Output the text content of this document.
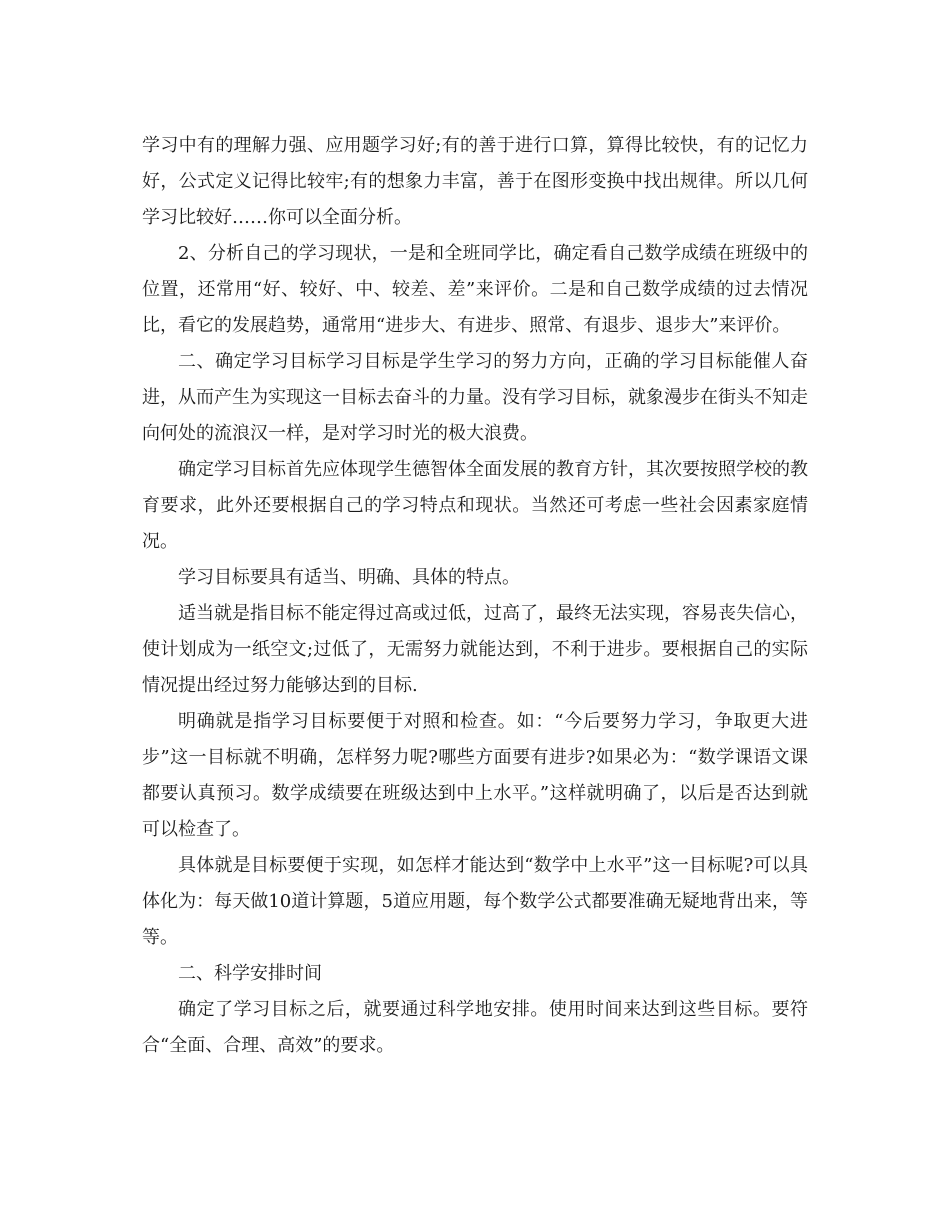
学习中有的理解力强、应用题学习好;有的善于进行口算，算得比较快，有的记忆力好，公式定义记得比较牢;有的想象力丰富，善于在图形变换中找出规律。所以几何学习比较好……你可以全面分析。

2、分析自己的学习现状，一是和全班同学比，确定看自己数学成绩在班级中的位置，还常用“好、较好、中、较差、差”来评价。二是和自己数学成绩的过去情况比，看它的发展趋势，通常用“进步大、有进步、照常、有退步、退步大”来评价。

二、确定学习目标学习目标是学生学习的努力方向，正确的学习目标能催人奋进，从而产生为实现这一目标去奋斗的力量。没有学习目标，就象漫步在街头不知走向何处的流浪汉一样，是对学习时光的极大浪费。

确定学习目标首先应体现学生德智体全面发展的教育方针，其次要按照学校的教育要求，此外还要根据自己的学习特点和现状。当然还可考虑一些社会因素家庭情况。

学习目标要具有适当、明确、具体的特点。

适当就是指目标不能定得过高或过低，过高了，最终无法实现，容易丧失信心，使计划成为一纸空文;过低了，无需努力就能达到，不利于进步。要根据自己的实际情况提出经过努力能够达到的目标.

明确就是指学习目标要便于对照和检查。如：“今后要努力学习，争取更大进步”这一目标就不明确，怎样努力呢?哪些方面要有进步?如果必为：“数学课语文课都要认真预习。数学成绩要在班级达到中上水平。”这样就明确了，以后是否达到就可以检查了。

具体就是目标要便于实现，如怎样才能达到“数学中上水平”这一目标呢?可以具体化为：每天做10道计算题，5道应用题，每个数学公式都要准确无疑地背出来，等等。

二、科学安排时间

确定了学习目标之后，就要通过科学地安排。使用时间来达到这些目标。要符合“全面、合理、高效”的要求。
